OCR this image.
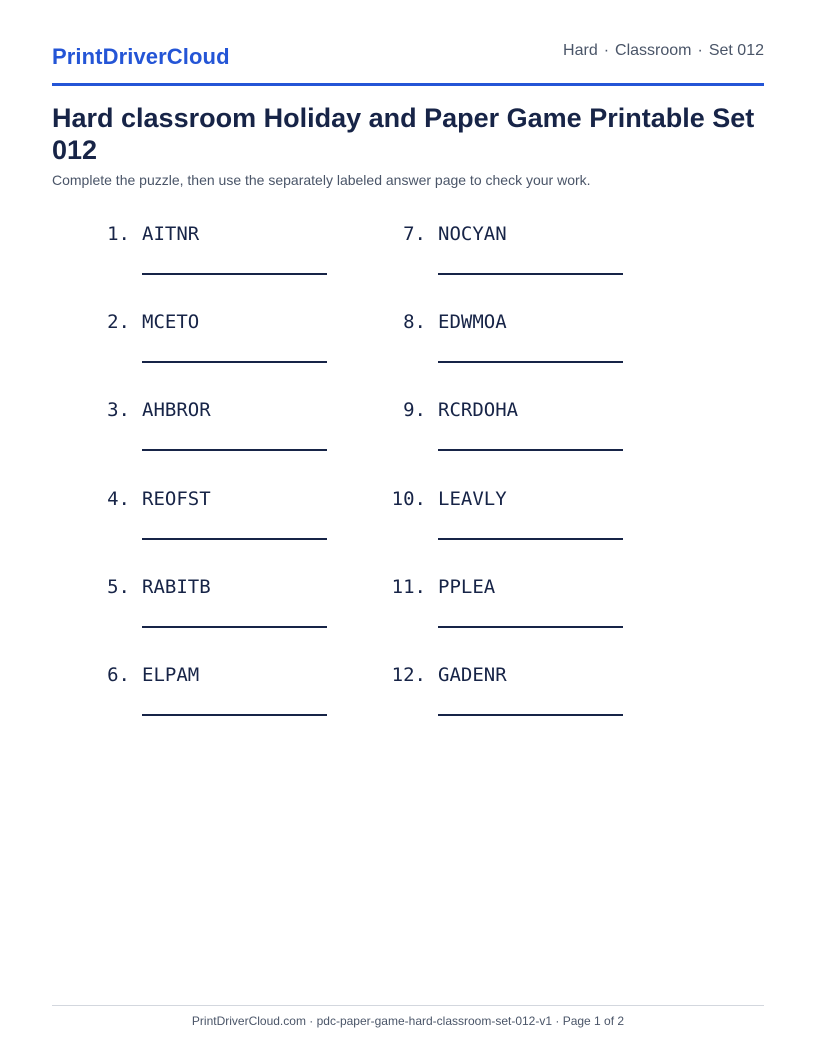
PrintDriverCloud	Hard · Classroom · Set 012
Hard classroom Holiday and Paper Game Printable Set 012
Complete the puzzle, then use the separately labeled answer page to check your work.
1. AITNR
2. MCETO
3. AHBROR
4. REOFST
5. RABITB
6. ELPAM
7. NOCYAN
8. EDWMOA
9. RCRDOHA
10. LEAVLY
11. PPLEA
12. GADENR
PrintDriverCloud.com · pdc-paper-game-hard-classroom-set-012-v1 · Page 1 of 2
